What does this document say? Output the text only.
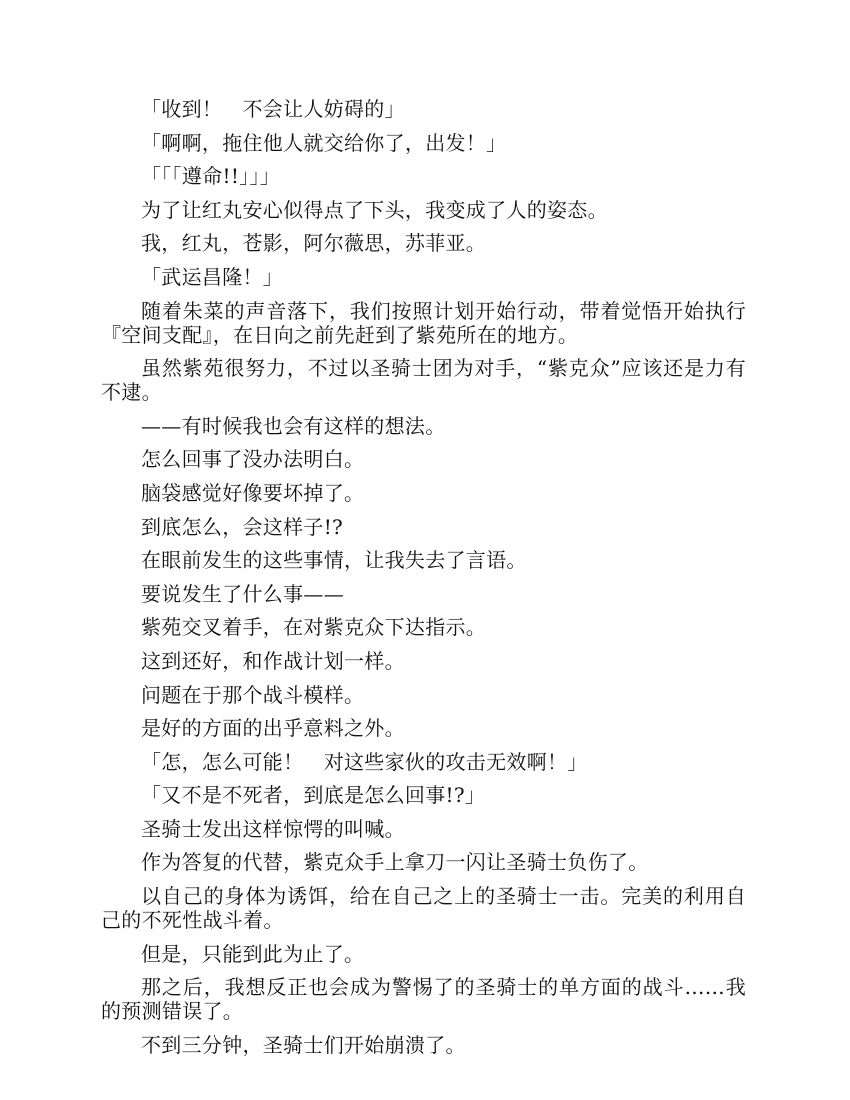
「收到！　不会让人妨碍的」

「啊啊，拖住他人就交给你了，出发！」

「「「遵命!!」」」

为了让红丸安心似得点了下头，我变成了人的姿态。

我，红丸，苍影，阿尔薇思，苏菲亚。

「武运昌隆！」

随着朱菜的声音落下，我们按照计划开始行动，带着觉悟开始执行『空间支配』，在日向之前先赶到了紫苑所在的地方。

虽然紫苑很努力，不过以圣骑士团为对手，“紫克众”应该还是力有不逮。

——有时候我也会有这样的想法。

怎么回事了没办法明白。

脑袋感觉好像要坏掉了。

到底怎么，会这样子!?

在眼前发生的这些事情，让我失去了言语。

要说发生了什么事——

紫苑交叉着手，在对紫克众下达指示。

这到还好，和作战计划一样。

问题在于那个战斗模样。

是好的方面的出乎意料之外。

「怎，怎么可能！　对这些家伙的攻击无效啊！」

「又不是不死者，到底是怎么回事!?」

圣骑士发出这样惊愕的叫喊。

作为答复的代替，紫克众手上拿刀一闪让圣骑士负伤了。

以自己的身体为诱饵，给在自己之上的圣骑士一击。完美的利用自己的不死性战斗着。

但是，只能到此为止了。

那之后，我想反正也会成为警惕了的圣骑士的单方面的战斗……我的预测错误了。

不到三分钟，圣骑士们开始崩溃了。
